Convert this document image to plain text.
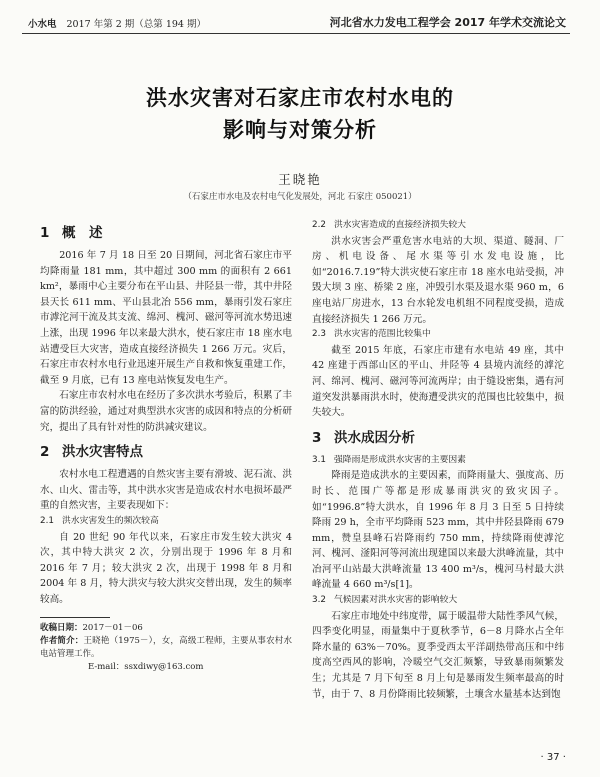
小水电 2017 年第 2 期（总第 194 期）	河北省水力发电工程学会 2017 年学术交流论文
洪水灾害对石家庄市农村水电的
影响与对策分析
王晓艳
（石家庄市水电及农村电气化发展处，河北 石家庄 050021）
1 概　述

2016 年 7 月 18 日至 20 日期间，河北省石家庄市平均降雨量 181 mm，其中超过 300 mm 的面积有 2 661 km²，暴雨中心主要分布在平山县、井陉县一带，其中井陉县天长 611 mm、平山县北冶 556 mm，暴雨引发石家庄市滹沱河干流及其支流、绵河、槐河、磁河等河流水势迅速上涨，出现 1996 年以来最大洪水，使石家庄市 18 座水电站遭受巨大灾害，造成直接经济损失 1 266 万元。灾后，石家庄市农村水电行业迅速开展生产自救和恢复重建工作，截至 9 月底，已有 13 座电站恢复发电生产。

石家庄市农村水电在经历了多次洪水考验后，积累了丰富的防洪经验，通过对典型洪水灾害的成因和特点的分析研究，提出了具有针对性的防洪减灾建议。

2 洪水灾害特点

农村水电工程遭遇的自然灾害主要有滑坡、泥石流、洪水、山火、雷击等，其中洪水灾害是造成农村水电损坏最严重的自然灾害，主要表现如下：

2.1 洪水灾害发生的频次较高

自 20 世纪 90 年代以来，石家庄市发生较大洪灾 4 次，其中特大洪灾 2 次，分别出现于 1996 年 8 月和 2016 年 7 月；较大洪灾 2 次，出现于 1998 年 8 月和 2004 年 8 月，特大洪灾与较大洪灾交替出现，发生的频率较高。

收稿日期：2017－01－06
作者简介：王晓艳（1975－），女，高级工程师，主要从事农村水电站管理工作。
E-mail：ssxdiwy@163.com
2.2 洪水灾害造成的直接经济损失较大

洪水灾害会严重危害水电站的大坝、渠道、隧洞、厂房、机电设备、尾水渠等引水发电设施，比如“2016.7.19”特大洪灾使石家庄市 18 座水电站受损，冲毁大坝 3 座、桥梁 2 座，冲毁引水渠及退水渠 960 m，6 座电站厂房进水，13 台水轮发电机组不同程度受损，造成直接经济损失 1 266 万元。

2.3 洪水灾害的范围比较集中

截至 2015 年底，石家庄市建有水电站 49 座，其中 42 座建于西部山区的平山、井陉等 4 县境内流经的滹沱河、绵河、槐河、磁河等河流两岸；由于缝设密集，遇有河道突发洪暴雨洪水时，使海遭受洪灾的范围也比较集中，损失较大。

3 洪水成因分析
3.1 强降雨是形成洪水灾害的主要因素

降雨是造成洪水的主要因素，而降雨量大、强度高、历时长、范围广等都是形成暴雨洪灾的致灾因子。如“1996.8”特大洪水，自 1996 年 8 月 3 日至 5 日持续降雨 29 h，全市平均降雨 523 mm，其中井陉县降雨 679 mm，赞皇县峰石岩降雨约 750 mm，持续降雨使滹沱河、槐河、滏阳河等河流出现建国以来最大洪峰流量，其中冶河平山站最大洪峰流量 13 400 m³/s，槐河马村最大洪峰流量 4 660 m³/s[1]。

3.2 气候因素对洪水灾害的影响较大

石家庄市地处中纬度带，属于暖温带大陆性季风气候，四季变化明显，雨量集中于夏秋季节，6－8 月降水占全年降水量的 63%－70%。夏季受西太平洋副热带高压和中纬度高空西风的影响，冷暖空气交汇频繁，导致暴雨频繁发生；尤其是 7 月下旬至 8 月上旬是暴雨发生频率最高的时节，由于 7、8 月份降雨比较频繁，土壤含水量基本达到饱

· 37 ·
